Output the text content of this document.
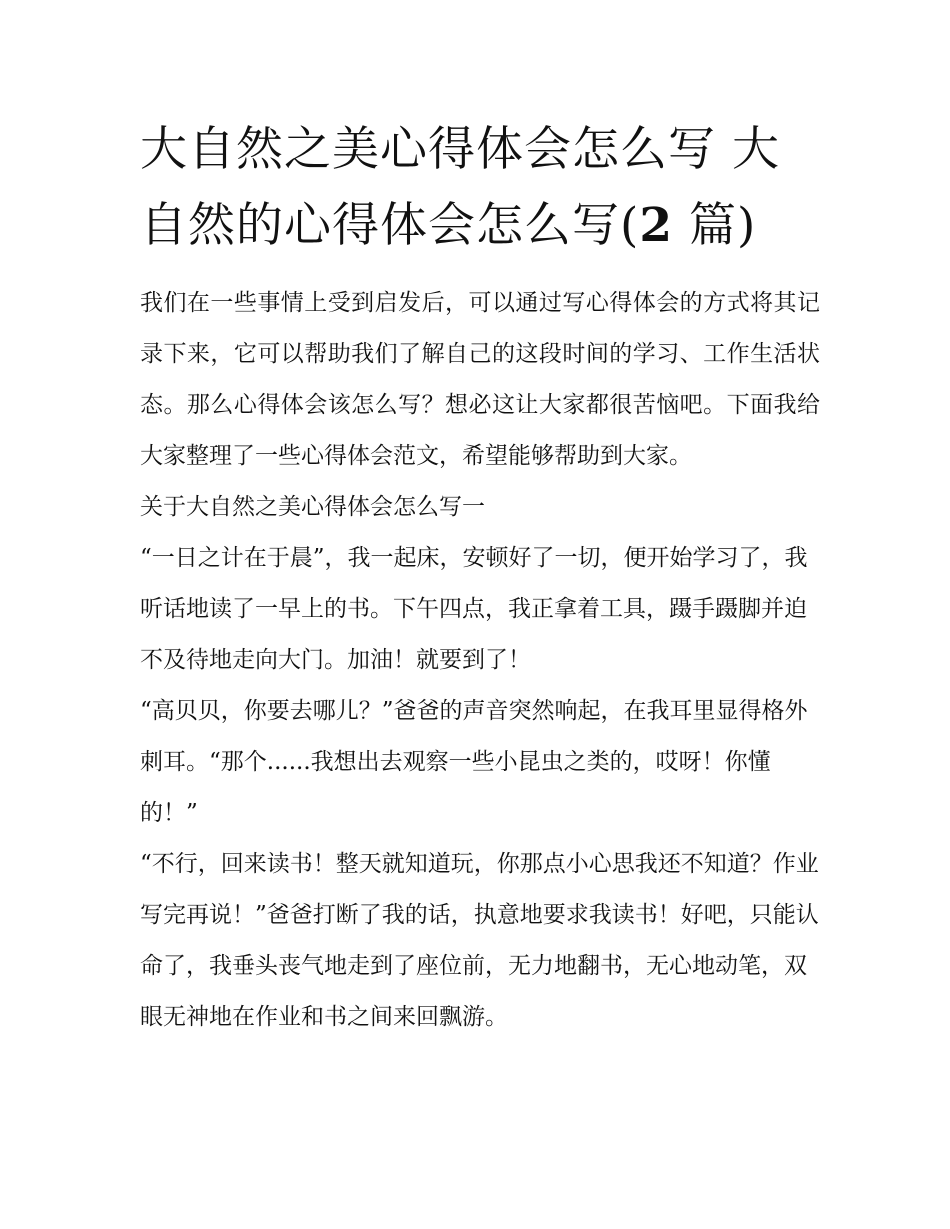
大自然之美心得体会怎么写 大自然的心得体会怎么写(2 篇)

我们在一些事情上受到启发后，可以通过写心得体会的方式将其记录下来，它可以帮助我们了解自己的这段时间的学习、工作生活状态。那么心得体会该怎么写？想必这让大家都很苦恼吧。下面我给大家整理了一些心得体会范文，希望能够帮助到大家。

关于大自然之美心得体会怎么写一

“一日之计在于晨”，我一起床，安顿好了一切，便开始学习了，我听话地读了一早上的书。下午四点，我正拿着工具，蹑手蹑脚并迫不及待地走向大门。加油！就要到了！

“高贝贝，你要去哪儿？”爸爸的声音突然响起，在我耳里显得格外刺耳。“那个......我想出去观察一些小昆虫之类的，哎呀！你懂的！”

“不行，回来读书！整天就知道玩，你那点小心思我还不知道？作业写完再说！”爸爸打断了我的话，执意地要求我读书！好吧，只能认命了，我垂头丧气地走到了座位前，无力地翻书，无心地动笔，双眼无神地在作业和书之间来回飘游。
